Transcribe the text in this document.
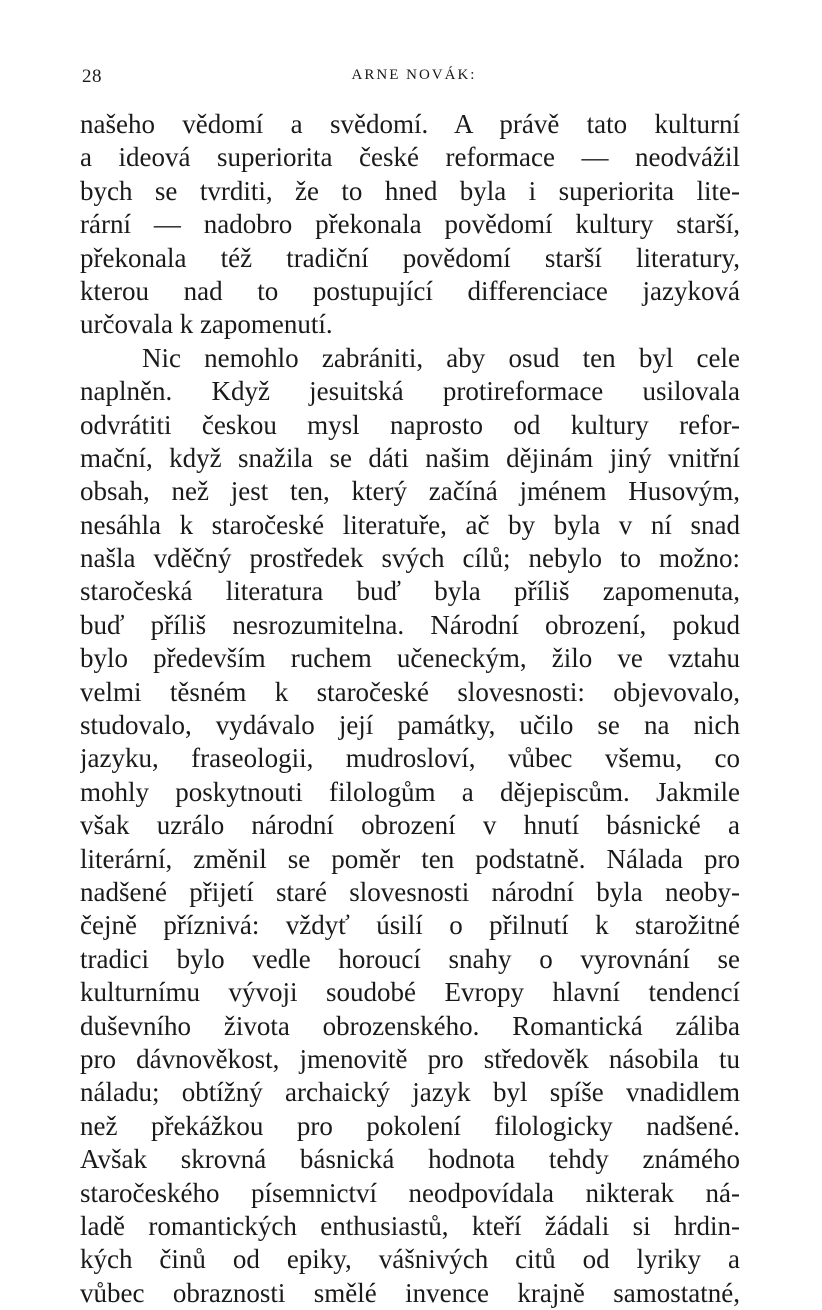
28	ARNE NOVÁK:
našeho vědomí a svědomí. A právě tato kulturní
a ideová superiorita české reformace — neodvážil
bych se tvrditi, že to hned byla i superiorita lite-
rární — nadobro překonala povědomí kultury starší,
překonala též tradiční povědomí starší literatury,
kterou nad to postupující differenciace jazyková
určovala k zapomenutí.
Nic nemohlo zabrániti, aby osud ten byl cele
naplněn. Když jesuitská protireformace usilovala
odvrátiti českou mysl naprosto od kultury refor-
mační, když snažila se dáti našim dějinám jiný vnitřní
obsah, než jest ten, který začíná jménem Husovým,
nesáhla k staročeské literatuře, ač by byla v ní snad
našla vděčný prostředek svých cílů; nebylo to možno:
staročeská literatura buď byla příliš zapomenuta,
buď příliš nesrozumitelna. Národní obrození, pokud
bylo především ruchem učeneckým, žilo ve vztahu
velmi těsném k staročeské slovesnosti: objevovalo,
studovalo, vydávalo její památky, učilo se na nich
jazyku, fraseologii, mudrosloví, vůbec všemu, co
mohly poskytnouti filologům a dějepiscům. Jakmile
však uzrálo národní obrození v hnutí básnické a
literární, změnil se poměr ten podstatně. Nálada pro
nadšené přijetí staré slovesnosti národní byla neoby-
čejně příznivá: vždyť úsilí o přilnutí k starožitné
tradici bylo vedle horoucí snahy o vyrovnání se
kulturnímu vývoji soudobé Evropy hlavní tendencí
duševního života obrozenského. Romantická záliba
pro dávnověkost, jmenovitě pro středověk násobila tu
náladu; obtížný archaický jazyk byl spíše vnadidlem
než překážkou pro pokolení filologicky nadšené.
Avšak skrovná básnická hodnota tehdy známého
staročeského písemnictví neodpovídala nikterak ná-
ladě romantických enthusiastů, kteří žádali si hrdin-
kých činů od epiky, vášnivých citů od lyriky a
vůbec obraznosti smělé invence krajně samostatné,
